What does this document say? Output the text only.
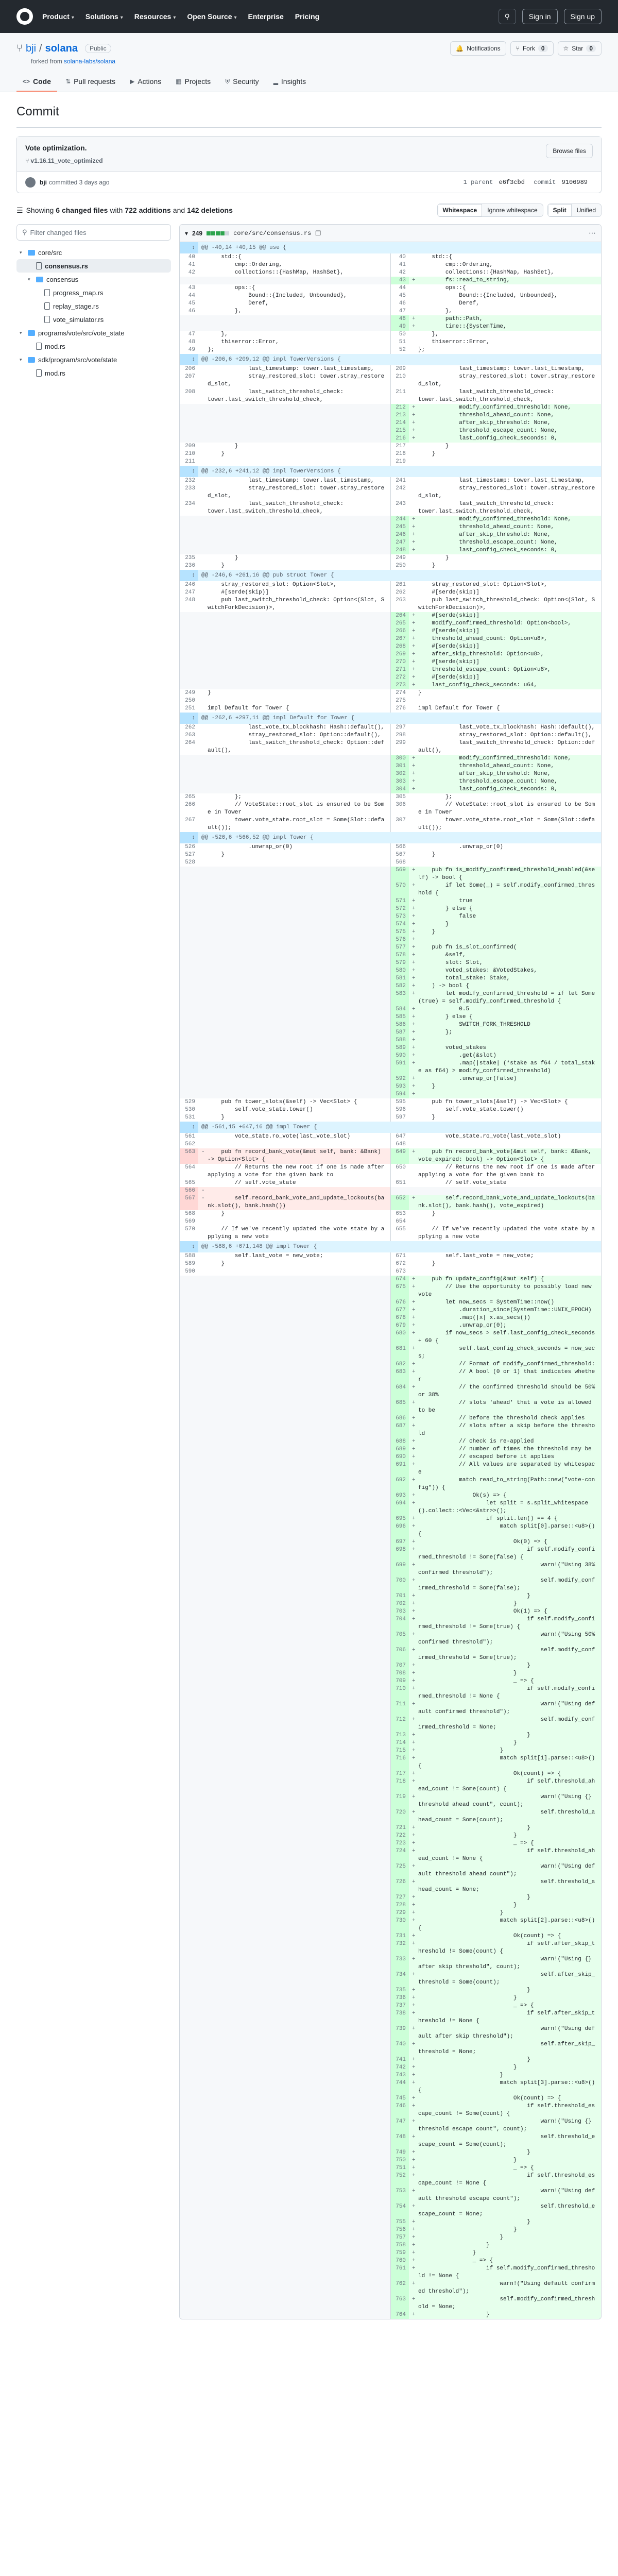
Product ▾ Solutions ▾ Resources ▾ Open Source ▾ Enterprise Pricing	⚲	Sign in	Sign up
⑂ bji / solana	Public	🔔 Notifications	⑂ Fork	0	☆ Star	0
forked from solana-labs/solana
<> Code ⇅ Pull requests ▶ Actions ▦ Projects ⛨ Security ▂ Insights
Commit
Vote optimization.
⑂ v1.16.11_vote_optimized
Browse files
bji committed 3 days ago	1 parent e6f3cbd commit 9106989
☰ Showing 6 changed files with 722 additions and 142 deletions	Whitespace	Ignore whitespace	Split	Unified
⚲ Filter changed files
▾	core/src
consensus.rs
▾	consensus
progress_map.rs
replay_stage.rs
vote_simulator.rs
▾	programs/vote/src/vote_state
mod.rs
▾	sdk/program/src/vote/state
mod.rs
▾ 249	core/src/consensus.rs ❐	⋯
↕	@@ -40,14 +40,15 @@ use {				
40		std::{	40		std::{
41		cmp::Ordering,	41		cmp::Ordering,
42		collections::{HashMap, HashSet},	42		collections::{HashMap, HashSet},
			43	+	fs::read_to_string,
43		ops::{	44		ops::{
44		Bound::{Included, Unbounded},	45		Bound::{Included, Unbounded},
45		Deref,	46		Deref,
46		},	47		},
			48	+	path::Path,
			49	+	time::{SystemTime,
47		},	50		},
48		thiserror::Error,	51		thiserror::Error,
49		};	52		};
↕	@@ -206,6 +209,12 @@ impl TowerVersions {				
206		last_timestamp: tower.last_timestamp,	209		last_timestamp: tower.last_timestamp,
207		stray_restored_slot: tower.stray_restored_slot,	210		stray_restored_slot: tower.stray_restored_slot,
208		last_switch_threshold_check:	211		last_switch_threshold_check:
		tower.last_switch_threshold_check,			tower.last_switch_threshold_check,
			212	+	modify_confirmed_threshold: None,
			213	+	threshold_ahead_count: None,
			214	+	after_skip_threshold: None,
			215	+	threshold_escape_count: None,
			216	+	last_config_check_seconds: 0,
209		}	217		}
210		}	218		}
211			219		
↕	@@ -232,6 +241,12 @@ impl TowerVersions {				
232		last_timestamp: tower.last_timestamp,	241		last_timestamp: tower.last_timestamp,
233		stray_restored_slot: tower.stray_restored_slot,	242		stray_restored_slot: tower.stray_restored_slot,
234		last_switch_threshold_check:	243		last_switch_threshold_check:
		tower.last_switch_threshold_check,			tower.last_switch_threshold_check,
			244	+	modify_confirmed_threshold: None,
			245	+	threshold_ahead_count: None,
			246	+	after_skip_threshold: None,
			247	+	threshold_escape_count: None,
			248	+	last_config_check_seconds: 0,
235		}	249		}
236		}	250		}
↕	@@ -246,6 +261,16 @@ pub struct Tower {				
246		stray_restored_slot: Option<Slot>,	261		stray_restored_slot: Option<Slot>,
247		#[serde(skip)]	262		#[serde(skip)]
248		pub last_switch_threshold_check: Option<(Slot, SwitchForkDecision)>,	263		pub last_switch_threshold_check: Option<(Slot, SwitchForkDecision)>,
			264	+	#[serde(skip)]
			265	+	modify_confirmed_threshold: Option<bool>,
			266	+	#[serde(skip)]
			267	+	threshold_ahead_count: Option<u8>,
			268	+	#[serde(skip)]
			269	+	after_skip_threshold: Option<u8>,
			270	+	#[serde(skip)]
			271	+	threshold_escape_count: Option<u8>,
			272	+	#[serde(skip)]
			273	+	last_config_check_seconds: u64,
249		}	274		}
250			275		
251		impl Default for Tower {	276		impl Default for Tower {
↕	@@ -262,6 +297,11 @@ impl Default for Tower {				
262		last_vote_tx_blockhash: Hash::default(),	297		last_vote_tx_blockhash: Hash::default(),
263		stray_restored_slot: Option::default(),	298		stray_restored_slot: Option::default(),
264		last_switch_threshold_check: Option::default(),	299		last_switch_threshold_check: Option::default(),
			300	+	modify_confirmed_threshold: None,
			301	+	threshold_ahead_count: None,
			302	+	after_skip_threshold: None,
			303	+	threshold_escape_count: None,
			304	+	last_config_check_seconds: 0,
265		};	305		};
266		// VoteState::root_slot is ensured to be Some in Tower	306		// VoteState::root_slot is ensured to be Some in Tower
267		tower.vote_state.root_slot = Some(Slot::default());	307		tower.vote_state.root_slot = Some(Slot::default());
↕	@@ -526,6 +566,52 @@ impl Tower {				
526		.unwrap_or(0)	566		.unwrap_or(0)
527		}	567		}
528			568		
			569	+	pub fn is_modify_confirmed_threshold_enabled(&self) -> bool {
			570	+	if let Some(_) = self.modify_confirmed_threshold {
			571	+	true
			572	+	} else {
			573	+	false
			574	+	}
			575	+	}
			576	+	
			577	+	pub fn is_slot_confirmed(
			578	+	&self,
			579	+	slot: Slot,
			580	+	voted_stakes: &VotedStakes,
			581	+	total_stake: Stake,
			582	+	) -> bool {
			583	+	let modify_confirmed_threshold = if let Some(true) = self.modify_confirmed_threshold {
			584	+	0.5
			585	+	} else {
			586	+	SWITCH_FORK_THRESHOLD
			587	+	};
			588	+	
			589	+	voted_stakes
			590	+	.get(&slot)
			591	+	.map(|stake| (*stake as f64 / total_stake as f64) > modify_confirmed_threshold)
			592	+	.unwrap_or(false)
			593	+	}
			594	+	
529		pub fn tower_slots(&self) -> Vec<Slot> {	595		pub fn tower_slots(&self) -> Vec<Slot> {
530		self.vote_state.tower()	596		self.vote_state.tower()
531		}	597		}
↕	@@ -561,15 +647,16 @@ impl Tower {				
561		vote_state.ro_vote(last_vote_slot)	647		vote_state.ro_vote(last_vote_slot)
562			648		
563	-	pub fn record_bank_vote(&mut self, bank: &Bank) -> Option<Slot> {	649	+	pub fn record_bank_vote(&mut self, bank: &Bank, vote_expired: bool) -> Option<Slot> {
564		// Returns the new root if one is made after applying a vote for the given bank to	650		// Returns the new root if one is made after applying a vote for the given bank to
565		// self.vote_state	651		// self.vote_state
566	-				
567	-	self.record_bank_vote_and_update_lockouts(bank.slot(), bank.hash())	652	+	self.record_bank_vote_and_update_lockouts(bank.slot(), bank.hash(), vote_expired)
568		}	653		}
569			654		
570		// If we've recently updated the vote state by applying a new vote	655		// If we've recently updated the vote state by applying a new vote
↕	@@ -588,6 +671,148 @@ impl Tower {				
588		self.last_vote = new_vote;	671		self.last_vote = new_vote;
589		}	672		}
590			673		
			674	+	pub fn update_config(&mut self) {
			675	+	// Use the opportunity to possibly load new vote
			676	+	let now_secs = SystemTime::now()
			677	+	.duration_since(SystemTime::UNIX_EPOCH)
			678	+	.map(|x| x.as_secs())
			679	+	.unwrap_or(0);
			680	+	if now_secs > self.last_config_check_seconds + 60 {
			681	+	self.last_config_check_seconds = now_secs;
			682	+	// Format of modify_confirmed_threshold:
			683	+	// A bool (0 or 1) that indicates whether
			684	+	// the confirmed threshold should be 50% or 38%
			685	+	// slots 'ahead' that a vote is allowed to be
			686	+	// before the threshold check applies
			687	+	// slots after a skip before the threshold
			688	+	// check is re-applied
			689	+	// number of times the threshold may be
			690	+	// escaped before it applies
			691	+	// All values are separated by whitespace
			692	+	match read_to_string(Path::new("vote-config")) {
			693	+	Ok(s) => {
			694	+	let split = s.split_whitespace().collect::<Vec<&str>>();
			695	+	if split.len() == 4 {
			696	+	match split[0].parse::<u8>() {
			697	+	Ok(0) => {
			698	+	if self.modify_confirmed_threshold != Some(false) {
			699	+	warn!("Using 38% confirmed threshold");
			700	+	self.modify_confirmed_threshold = Some(false);
			701	+	}
			702	+	}
			703	+	Ok(1) => {
			704	+	if self.modify_confirmed_threshold != Some(true) {
			705	+	warn!("Using 50% confirmed threshold");
			706	+	self.modify_confirmed_threshold = Some(true);
			707	+	}
			708	+	}
			709	+	_ => {
			710	+	if self.modify_confirmed_threshold != None {
			711	+	warn!("Using default confirmed threshold");
			712	+	self.modify_confirmed_threshold = None;
			713	+	}
			714	+	}
			715	+	}
			716	+	match split[1].parse::<u8>() {
			717	+	Ok(count) => {
			718	+	if self.threshold_ahead_count != Some(count) {
			719	+	warn!("Using {} threshold ahead count", count);
			720	+	self.threshold_ahead_count = Some(count);
			721	+	}
			722	+	}
			723	+	_ => {
			724	+	if self.threshold_ahead_count != None {
			725	+	warn!("Using default threshold ahead count");
			726	+	self.threshold_ahead_count = None;
			727	+	}
			728	+	}
			729	+	}
			730	+	match split[2].parse::<u8>() {
			731	+	Ok(count) => {
			732	+	if self.after_skip_threshold != Some(count) {
			733	+	warn!("Using {} after skip threshold", count);
			734	+	self.after_skip_threshold = Some(count);
			735	+	}
			736	+	}
			737	+	_ => {
			738	+	if self.after_skip_threshold != None {
			739	+	warn!("Using default after skip threshold");
			740	+	self.after_skip_threshold = None;
			741	+	}
			742	+	}
			743	+	}
			744	+	match split[3].parse::<u8>() {
			745	+	Ok(count) => {
			746	+	if self.threshold_escape_count != Some(count) {
			747	+	warn!("Using {} threshold escape count", count);
			748	+	self.threshold_escape_count = Some(count);
			749	+	}
			750	+	}
			751	+	_ => {
			752	+	if self.threshold_escape_count != None {
			753	+	warn!("Using default threshold escape count");
			754	+	self.threshold_escape_count = None;
			755	+	}
			756	+	}
			757	+	}
			758	+	}
			759	+	}
			760	+	_ => {
			761	+	if self.modify_confirmed_threshold != None {
			762	+	warn!("Using default confirmed threshold");
			763	+	self.modify_confirmed_threshold = None;
			764	+	}
